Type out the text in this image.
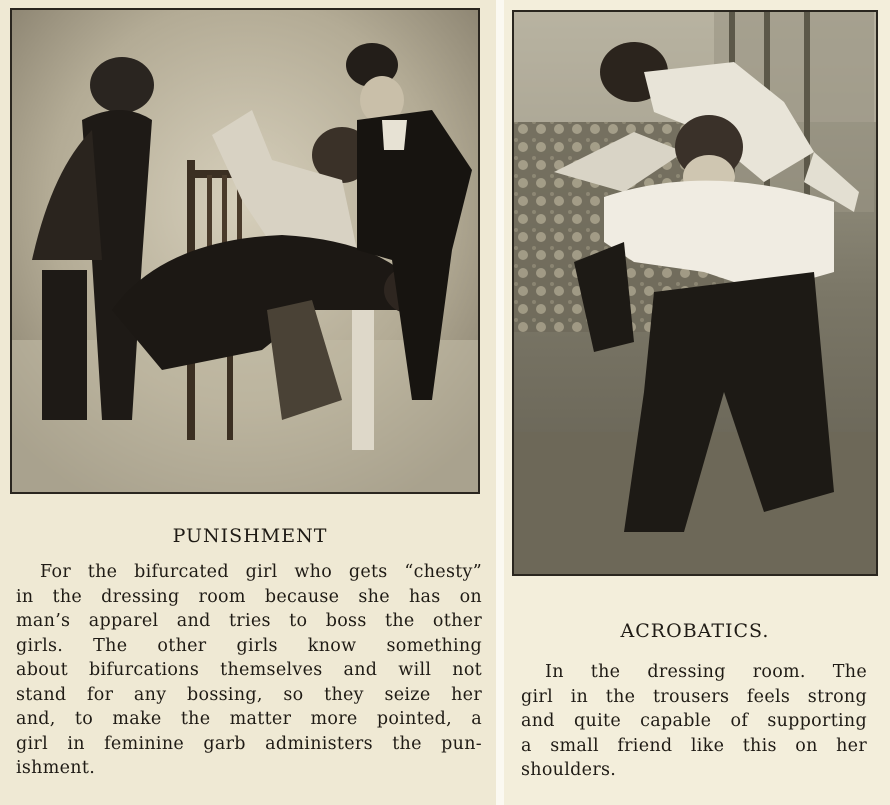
PUNISHMENT
For the bifurcated girl who gets “chesty”
in the dressing room because she has on
man’s apparel and tries to boss the other
girls. The other girls know something
about bifurcations themselves and will not
stand for any bossing, so they seize her
and, to make the matter more pointed, a
girl in feminine garb administers the pun-
ishment.
ACROBATICS.
In the dressing room. The
girl in the trousers feels strong
and quite capable of supporting
a small friend like this on her
shoulders.
